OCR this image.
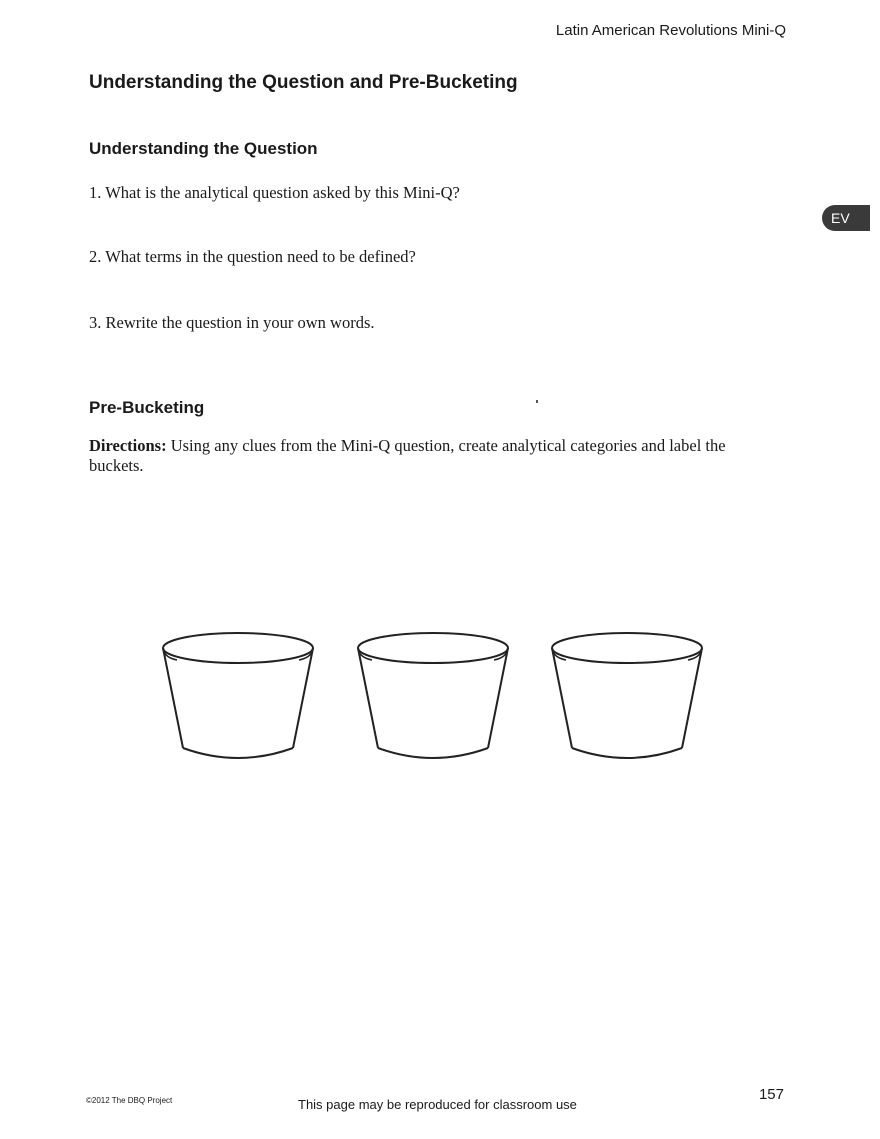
Latin American Revolutions Mini-Q
Understanding the Question and Pre-Bucketing
Understanding the Question
1. What is the analytical question asked by this Mini-Q?
2. What terms in the question need to be defined?
3. Rewrite the question in your own words.
EV
Pre-Bucketing
Directions: Using any clues from the Mini-Q question, create analytical categories and label the buckets.
©2012 The DBQ Project	This page may be reproduced for classroom use
157
